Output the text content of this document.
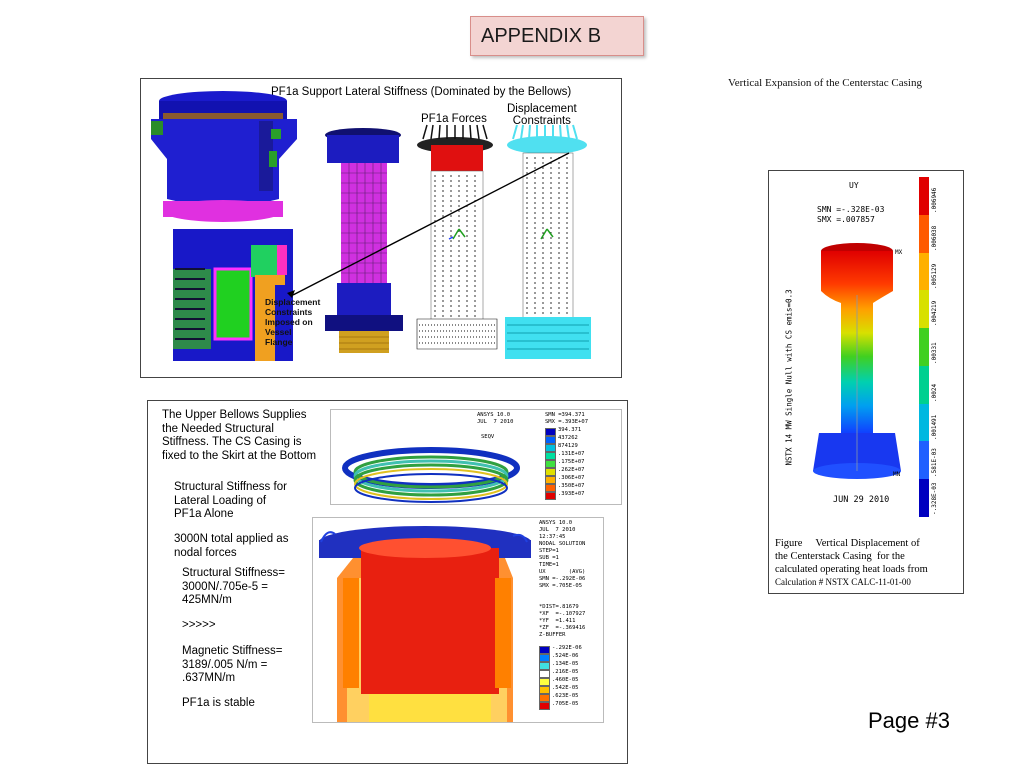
APPENDIX B
PF1a Support Lateral Stiffness (Dominated by the Bellows)
PF1a Forces
Displacement
Constraints
Displacement
Constraints
Imposed on
Vessel
Flange
Vertical Expansion of the Centerstac Casing
UY
SMN =-.328E-03
SMX =.007857
NSTX 14 MW Single Null with CS emis=0.3
MX
MN
.006946
.006038
.005129
.004219
.00331
.0024
.001491
.581E-03
-.328E-03
JUN 29 2010
Figure     Vertical Displacement of
the Centerstack Casing  for the
calculated operating heat loads from
Calculation # NSTX CALC-11-01-00
The Upper Bellows Supplies
the Needed Structural
Stiffness. The CS Casing is
fixed to the Skirt at the Bottom
Structural Stiffness for
Lateral Loading of
PF1a Alone
3000N total applied as
nodal forces
Structural Stiffness=
3000N/.705e-5 =
425MN/m
>>>>>
Magnetic Stiffness=
3189/.005 N/m =
.637MN/m
PF1a is stable
ANSYS 10.0
JUL  7 2010
SEQV
SMN =394.371
SMX =.393E+07
394.371
437262
874129
.131E+07
.175E+07
.262E+07
.306E+07
.350E+07
.393E+07
ANSYS 10.0
JUL  7 2010
12:37:45
NODAL SOLUTION
STEP=1
SUB =1
TIME=1
UX       (AVG)
SMN =-.292E-06
SMX =.705E-05
*DIST=.81679
*XF  =-.107927
*YF  =1.411
*ZF  =-.369416
Z-BUFFER
-.292E-06
.524E-06
.134E-05
.216E-05
.460E-05
.542E-05
.623E-05
.705E-05
Page #3
